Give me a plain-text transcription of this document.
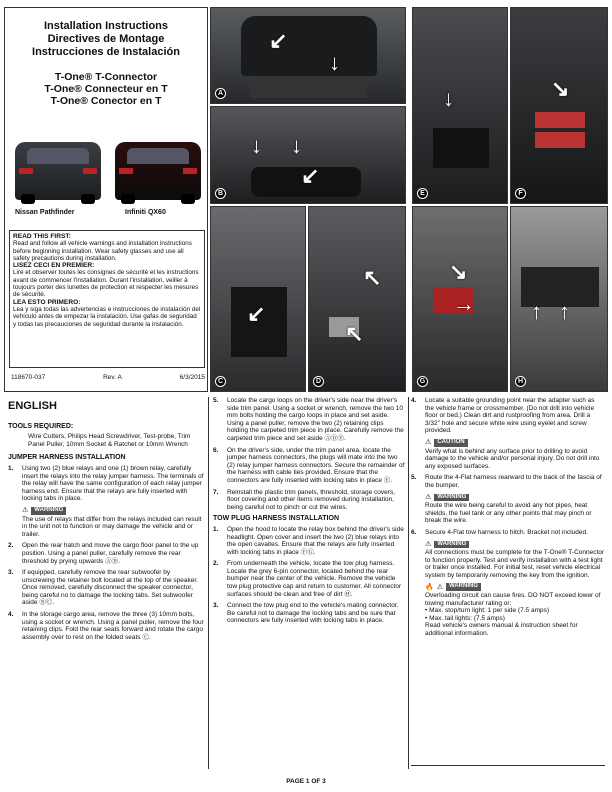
Installation Instructions
Directives de Montage
Instrucciones de Instalación
T-One® T-Connector
T-One® Connecteur en T
T-One® Conector en T
Nissan Pathfinder	Infiniti QX60
READ THIS FIRST:

Read and follow all vehicle warnings and installation instructions before beginning installation. Wear safety glasses and use all safety precautions during installation.

LISEZ CECI EN PREMIER:

Lire et observer toutes les consignes de sécurité et les instructions avant de commencer l'installation. Durant l'installation, veiller à toujours porter des lunettes de protection et respecter les mesures de sécurité.

LEA ESTO PRIMERO:

Lea y siga todas las advertencias e instrucciones de instalación del vehículo antes de empezar la instalación. Use gafas de seguridad y todas las precauciones de seguridad durante la instalación.

118670-037	Rev. A	6/3/2015
↙
↓
A
↓ ↓
↙
B
↓
E
↘
F
↙
C
↖
↖
D
↘
→
G
↑ ↑
H
ENGLISH
TOOLS REQUIRED:
Wire Cutters, Philips Head Screwdriver, Test-probe, Trim Panel Puller, 10mm Socket & Ratchet or 10mm Wrench
JUMPER HARNESS INSTALLATION
1.	Using two (2) blue relays and one (1) brown relay, carefully insert the relays into the relay jumper harness. The terminals of the relay will have the same configuration of each relay jumper harness end. Ensure that the relays are fully inserted with locking tabs in place.
⚠	WARNING
The use of relays that differ from the relays included can result in the unit not to function or may damage the vehicle and or trailer.
2.	Open the rear hatch and move the cargo floor panel to the up position. Using a panel puller, carefully remove the rear threshold by prying upwards ⒶⒷ.
3.	If equipped, carefully remove the rear subwoofer by unscrewing the retainer bolt located at the top of the speaker. Once removed, carefully disconnect the speaker connector, being careful no to damage the locking tabs. Set subwoofer aside ⒷⒸ.
4.	In the storage cargo area, remove the three (3) 10mm bolts, using a socket or wrench. Using a panel puller, remove the four retaining clips. Fold the rear seats forward and rotate the cargo assembly over to rest on the folded seats Ⓒ.
5.	Locate the cargo loops on the driver's side near the driver's side trim panel. Using a socket or wrench, remove the two 10 mm bolts holding the cargo loops in place and set aside. Using a panel puller, remove the two (2) retaining clips holding the carpeted trim piece in place. Carefully remove the carpeted trim piece and set aside ⒶⒹⒺ.
6.	On the driver's side, under the trim panel area, locate the jumper harness connectors, the plugs will mate into the two (2) relay jumper harness connectors. Secure the remainder of the harness with cable ties provided. Ensure that the connectors are fully inserted with locking tabs in place Ⓔ.
7.	Reinstall the plastic trim panels, threshold, storage covers, floor covering and other items removed during installation, being careful not to pinch or cut the wires.
TOW PLUG HARNESS INSTALLATION
1.	Open the hood to locate the relay box behind the driver's side headlight. Open cover and insert the two (2) blue relays into the open cavaites. Ensure that the relays are fully inserted with locking tabs in place ⒻⒼ.
2.	From underneath the vehicle, locate the tow plug harness. Locate the grey 6-pin connector, located behind the rear bumper near the center of the vehicle. Remove the vehicle tow plug protective cap and return to customer. All connector surfaces should be clean and free of dirt Ⓗ.
3.	Connect the tow plug end to the vehicle's mating connector. Be careful not to damage the locking tabs and be sure that connectors are fully inserted with locking tabs in place.
4.	Locate a suitable grounding point near the adapter such as the vehicle frame or crossmember. (Do not drill into vehicle floor or bed.) Clean dirt and rustproofing from area. Drill a 3/32" hole and secure white wire using eyelet and screw provided.
⚠	CAUTION
Verify what is behind any surface prior to drilling to avoid damage to the vehicle and/or personal injury. Do not drill into any exposed surfaces.
5.	Route the 4-Flat harness rearward to the back of the fascia of the bumper.
⚠	WARNING
Route the wire being careful to avoid any hot pipes, heat shields, the fuel tank or any other points that may pinch or break the wire.
6.	Secure 4-Flat tow harness to hitch. Bracket not included.
⚠	WARNING
All connections must be complete for the T-One® T-Connector to function properly. Test and verify installation with a test light or trailer once installed. For initial test, reset vehicle electrical system by temporarily removing the key from the ignition.
🔥 ⚠	WARNING
Overloading circuit can cause fires. DO NOT exceed lower of towing manufacturer rating or:
• Max. stop/turn light: 1 per side (7.5 amps)
• Max. tail lights: (7.5 amps)
Read vehicle's owners manual & instruction sheet for additional information.
PAGE 1 OF 3
